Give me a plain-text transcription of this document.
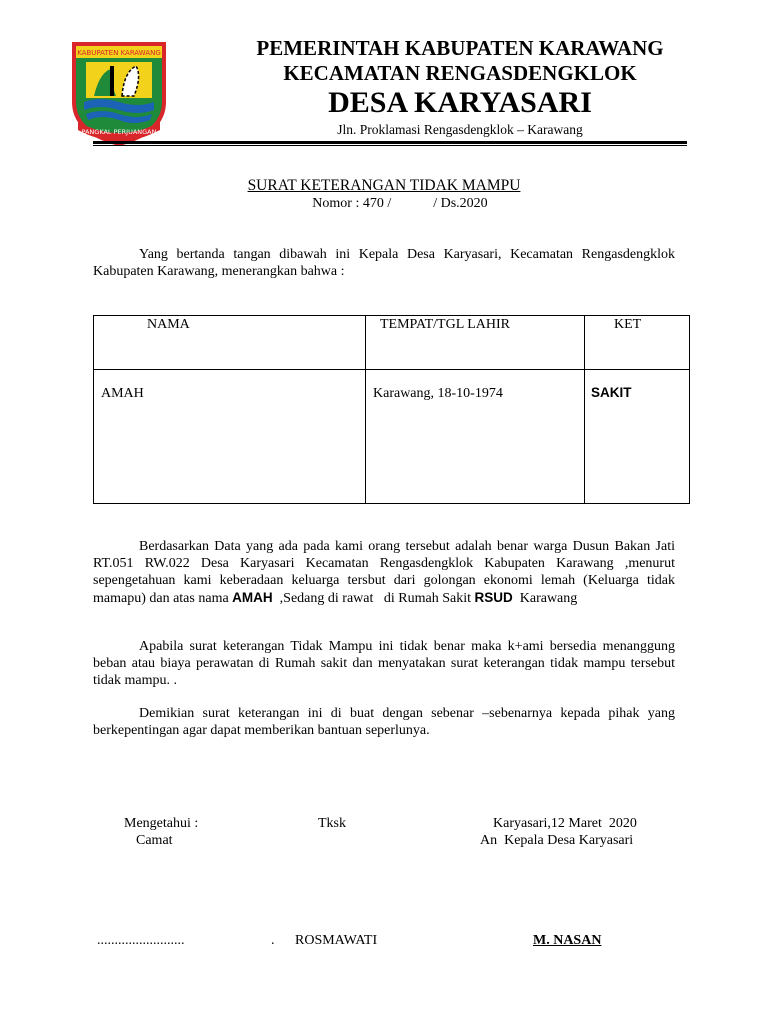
KABUPATEN KARAWANG
PANGKAL PERJUANGAN
PEMERINTAH KABUPATEN KARAWANG
KECAMATAN RENGASDENGKLOK
DESA KARYASARI
Jln. Proklamasi Rengasdengklok – Karawang
SURAT KETERANGAN TIDAK MAMPU
Nomor : 470 /            / Ds.2020
Yang bertanda tangan dibawah ini Kepala Desa Karyasari, Kecamatan Rengasdengklok Kabupaten Karawang, menerangkan bahwa :
NAMA	TEMPAT/TGL LAHIR	KET

AMAH	Karawang, 18-10-1974	SAKIT
Berdasarkan Data yang ada pada kami orang tersebut adalah benar warga Dusun Bakan Jati RT.051 RW.022 Desa Karyasari Kecamatan Rengasdengklok Kabupaten Karawang ,menurut sepengetahuan kami keberadaan keluarga tersbut dari golongan ekonomi lemah (Keluarga tidak mamapu) dan atas nama AMAH  ,Sedang di rawat   di Rumah Sakit RSUD  Karawang
Apabila surat keterangan Tidak Mampu ini tidak benar maka k+ami bersedia menanggung beban atau biaya perawatan di Rumah sakit dan menyatakan surat keterangan tidak mampu tersebut tidak mampu. .
Demikian surat keterangan ini di buat dengan sebenar –sebenarnya kepada pihak yang berkepentingan agar dapat memberikan bantuan seperlunya.
Mengetahui :
Camat
Tksk	Karyasari,12 Maret  2020
An  Kepala Desa Karyasari
.........................	. ROSMAWATI	M. NASAN
